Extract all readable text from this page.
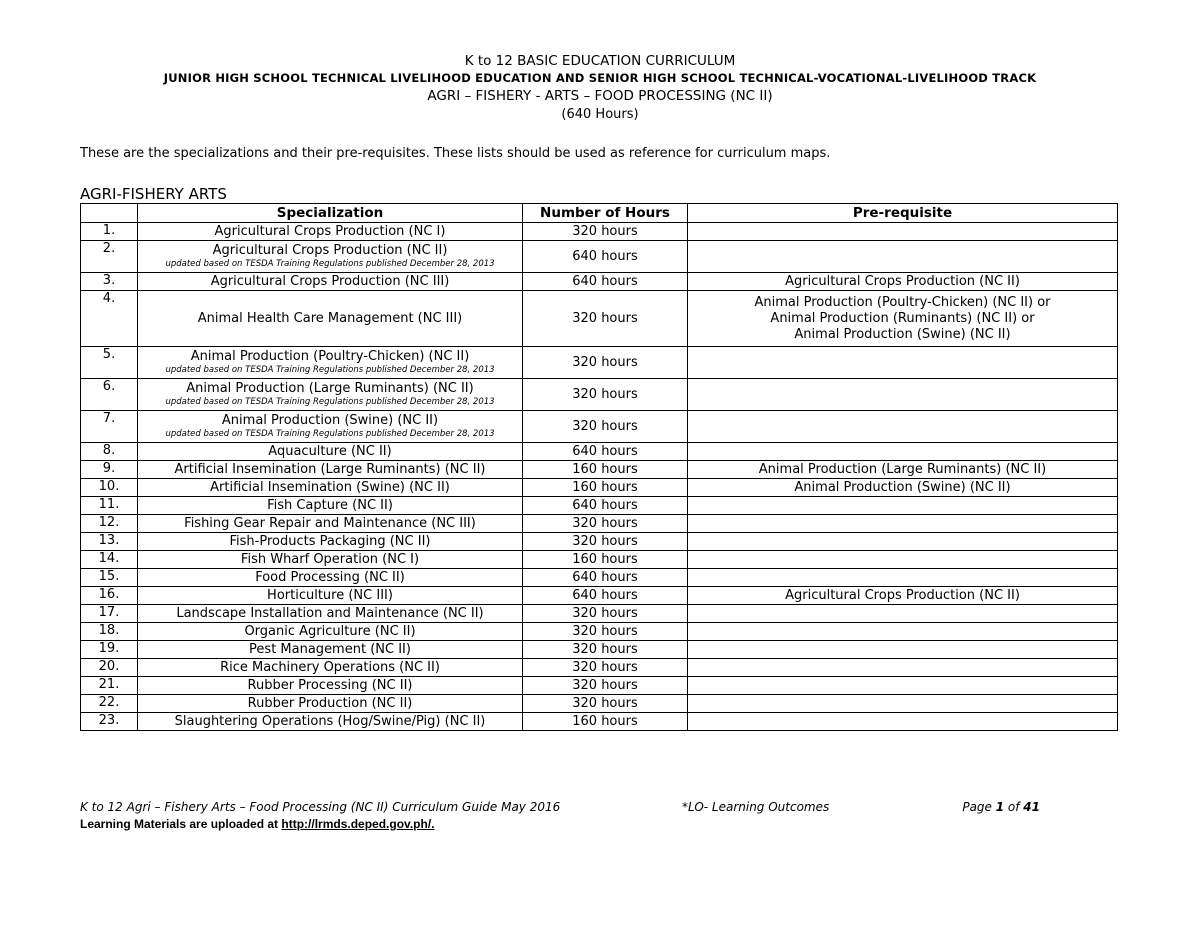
K to 12 BASIC EDUCATION CURRICULUM
JUNIOR HIGH SCHOOL TECHNICAL LIVELIHOOD EDUCATION AND SENIOR HIGH SCHOOL TECHNICAL-VOCATIONAL-LIVELIHOOD TRACK
AGRI – FISHERY - ARTS – FOOD PROCESSING (NC II)
(640 Hours)
These are the specializations and their pre-requisites. These lists should be used as reference for curriculum maps.
AGRI-FISHERY ARTS
	Specialization	Number of Hours	Pre-requisite
1.	Agricultural Crops Production (NC I)	320 hours	
2.	Agricultural Crops Production (NC II)
updated based on TESDA Training Regulations published December 28, 2013	640 hours	
3.	Agricultural Crops Production (NC III)	640 hours	Agricultural Crops Production (NC II)
4.	Animal Health Care Management (NC III)	320 hours	Animal Production (Poultry-Chicken) (NC II) or
Animal Production (Ruminants) (NC II) or
Animal Production (Swine) (NC II)
5.	Animal Production (Poultry-Chicken) (NC II)
updated based on TESDA Training Regulations published December 28, 2013	320 hours	
6.	Animal Production (Large Ruminants) (NC II)
updated based on TESDA Training Regulations published December 28, 2013	320 hours	
7.	Animal Production (Swine) (NC II)
updated based on TESDA Training Regulations published December 28, 2013	320 hours	
8.	Aquaculture (NC II)	640 hours	
9.	Artificial Insemination (Large Ruminants) (NC II)	160 hours	Animal Production (Large Ruminants) (NC II)
10.	Artificial Insemination (Swine) (NC II)	160 hours	Animal Production (Swine) (NC II)
11.	Fish Capture (NC II)	640 hours	
12.	Fishing Gear Repair and Maintenance (NC III)	320 hours	
13.	Fish-Products Packaging (NC II)	320 hours	
14.	Fish Wharf Operation (NC I)	160 hours	
15.	Food Processing (NC II)	640 hours	
16.	Horticulture (NC III)	640 hours	Agricultural Crops Production (NC II)
17.	Landscape Installation and Maintenance (NC II)	320 hours	
18.	Organic Agriculture (NC II)	320 hours	
19.	Pest Management (NC II)	320 hours	
20.	Rice Machinery Operations (NC II)	320 hours	
21.	Rubber Processing (NC II)	320 hours	
22.	Rubber Production (NC II)	320 hours	
23.	Slaughtering Operations (Hog/Swine/Pig) (NC II)	160 hours	
K to 12 Agri – Fishery Arts – Food Processing (NC II) Curriculum Guide May 2016	*LO- Learning Outcomes	Page 1 of 41
Learning Materials are uploaded at http://lrmds.deped.gov.ph/.
